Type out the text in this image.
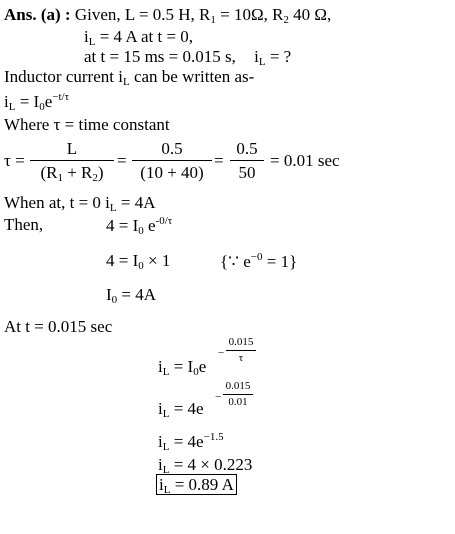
Ans. (a) : Given, L = 0.5 H, $R_1 = 10\Omega$, $R_2$ 40 Ω,
$i_L = 4$ A at t = 0,
at t = 15 ms = 0.015 s, $i_L$ = ?
Inductor current $i_L$ can be written as-
$i_L = I_0e^{-t/\tau}$
Where τ = time constant
τ =
L
$(R_1 + R_2)$
=
0.5
(10 + 40)
=
0.5
50
= 0.01 sec
When at, t = 0 $i_L = 4A$
Then,	$4 = I_0$ $e^{-0/\tau}$
$4 = I_0 \times 1$	{∵ $e^{-0} = 1$}
$I_0 = 4A$
At t = 0.015 sec
$i_L = I_0e$
−
0.015
τ
$i_L = 4e$
−
0.015
0.01
$i_L = 4e^{-1.5}$
$i_L = 4 \times 0.223$
$i_L = 0.89$ A
